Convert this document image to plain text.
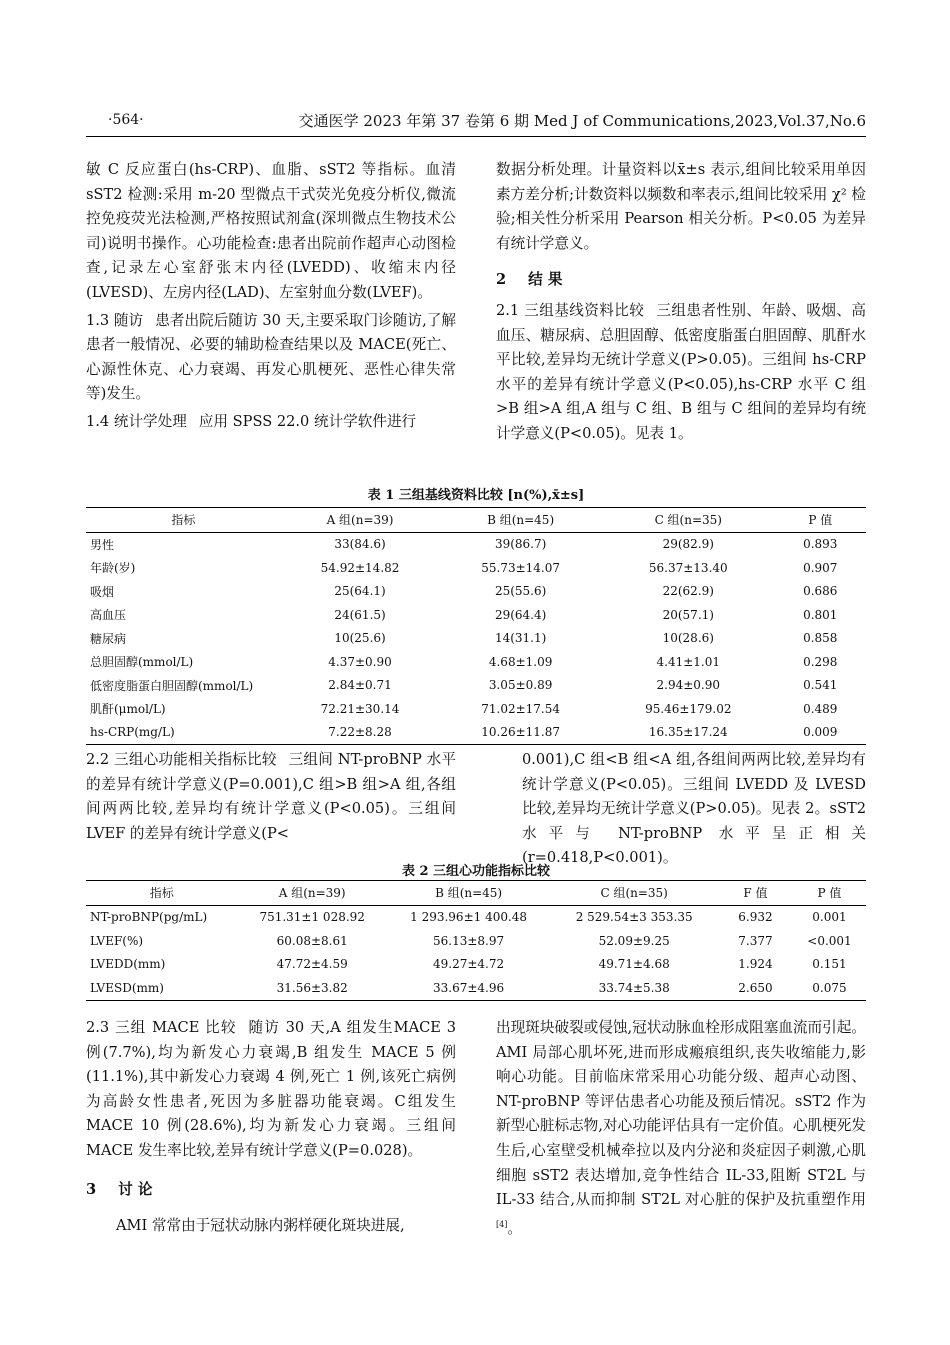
·564·	交通医学 2023 年第 37 卷第 6 期 Med J of Communications,2023,Vol.37,No.6

敏 C 反应蛋白(hs-CRP)、血脂、sST2 等指标。血清 sST2 检测:采用 m-20 型微点干式荧光免疫分析仪,微流控免疫荧光法检测,严格按照试剂盒(深圳微点生物技术公司)说明书操作。心功能检查:患者出院前作超声心动图检查,记录左心室舒张末内径(LVEDD)、收缩末内径(LVESD)、左房内径(LAD)、左室射血分数(LVEF)。

1.3 随访 患者出院后随访 30 天,主要采取门诊随访,了解患者一般情况、必要的辅助检查结果以及 MACE(死亡、心源性休克、心力衰竭、再发心肌梗死、恶性心律失常等)发生。

1.4 统计学处理 应用 SPSS 22.0 统计学软件进行

数据分析处理。计量资料以x̄±s 表示,组间比较采用单因素方差分析;计数资料以频数和率表示,组间比较采用 χ² 检验;相关性分析采用 Pearson 相关分析。P<0.05 为差异有统计学意义。

2 结 果

2.1 三组基线资料比较 三组患者性别、年龄、吸烟、高血压、糖尿病、总胆固醇、低密度脂蛋白胆固醇、肌酐水平比较,差异均无统计学意义(P>0.05)。三组间 hs-CRP 水平的差异有统计学意义(P<0.05),hs-CRP 水平 C 组>B 组>A 组,A 组与 C 组、B 组与 C 组间的差异均有统计学意义(P<0.05)。见表 1。

表 1 三组基线资料比较 [n(%),x̄±s]
指标	A 组(n=39)	B 组(n=45)	C 组(n=35)	P 值
男性	33(84.6)	39(86.7)	29(82.9)	0.893
年龄(岁)	54.92±14.82	55.73±14.07	56.37±13.40	0.907
吸烟	25(64.1)	25(55.6)	22(62.9)	0.686
高血压	24(61.5)	29(64.4)	20(57.1)	0.801
糖尿病	10(25.6)	14(31.1)	10(28.6)	0.858
总胆固醇(mmol/L)	4.37±0.90	4.68±1.09	4.41±1.01	0.298
低密度脂蛋白胆固醇(mmol/L)	2.84±0.71	3.05±0.89	2.94±0.90	0.541
肌酐(μmol/L)	72.21±30.14	71.02±17.54	95.46±179.02	0.489
hs-CRP(mg/L)	7.22±8.28	10.26±11.87	16.35±17.24	0.009

2.2 三组心功能相关指标比较 三组间 NT-proBNP 水平的差异有统计学意义(P=0.001),C 组>B 组>A 组,各组间两两比较,差异均有统计学意义(P<0.05)。三组间 LVEF 的差异有统计学意义(P<

0.001),C 组<B 组<A 组,各组间两两比较,差异均有统计学意义(P<0.05)。三组间 LVEDD 及 LVESD 比较,差异均无统计学意义(P>0.05)。见表 2。sST2 水平与 NT-proBNP 水平呈正相关(r=0.418,P<0.001)。

表 2 三组心功能指标比较
指标	A 组(n=39)	B 组(n=45)	C 组(n=35)	F 值	P 值
NT-proBNP(pg/mL)	751.31±1 028.92	1 293.96±1 400.48	2 529.54±3 353.35	6.932	0.001
LVEF(%)	60.08±8.61	56.13±8.97	52.09±9.25	7.377	<0.001
LVEDD(mm)	47.72±4.59	49.27±4.72	49.71±4.68	1.924	0.151
LVESD(mm)	31.56±3.82	33.67±4.96	33.74±5.38	2.650	0.075

2.3 三组 MACE 比较 随访 30 天,A 组发生MACE 3 例(7.7%),均为新发心力衰竭,B 组发生 MACE 5 例(11.1%),其中新发心力衰竭 4 例,死亡 1 例,该死亡病例为高龄女性患者,死因为多脏器功能衰竭。C组发生 MACE 10 例(28.6%),均为新发心力衰竭。三组间 MACE 发生率比较,差异有统计学意义(P=0.028)。

3 讨 论

AMI 常常由于冠状动脉内粥样硬化斑块进展,

出现斑块破裂或侵蚀,冠状动脉血栓形成阻塞血流而引起。AMI 局部心肌坏死,进而形成瘢痕组织,丧失收缩能力,影响心功能。目前临床常采用心功能分级、超声心动图、NT-proBNP 等评估患者心功能及预后情况。sST2 作为新型心脏标志物,对心功能评估具有一定价值。心肌梗死发生后,心室壁受机械牵拉以及内分泌和炎症因子刺激,心肌细胞 sST2 表达增加,竞争性结合 IL-33,阻断 ST2L 与 IL-33 结合,从而抑制 ST2L 对心脏的保护及抗重塑作用[4]。
